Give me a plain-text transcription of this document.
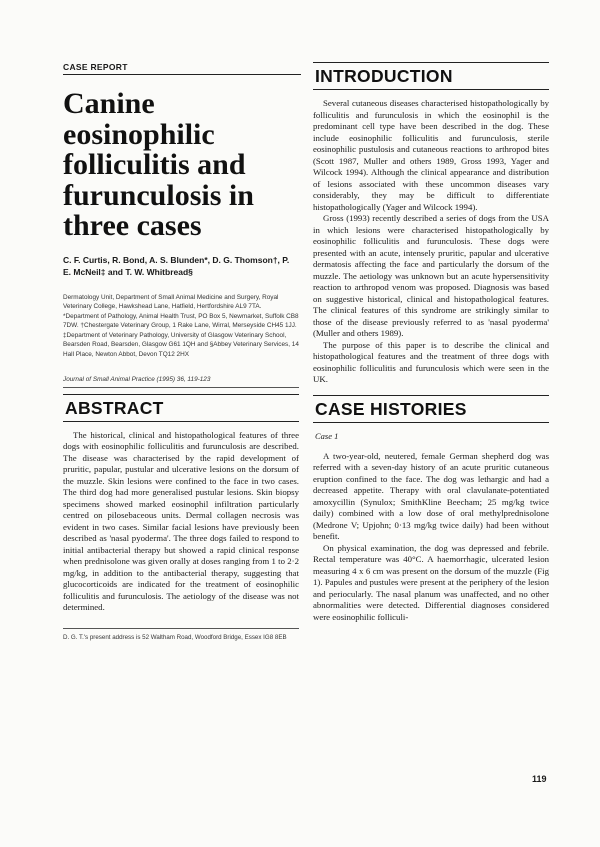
CASE REPORT
Canine eosinophilic folliculitis and furunculosis in three cases

C. F. Curtis, R. Bond, A. S. Blunden*, D. G. Thomson†, P. E. McNeil‡ and T. W. Whitbread§

Dermatology Unit, Department of Small Animal Medicine and Surgery, Royal Veterinary College, Hawkshead Lane, Hatfield, Hertfordshire AL9 7TA. *Department of Pathology, Animal Health Trust, PO Box 5, Newmarket, Suffolk CB8 7DW. †Chestergate Veterinary Group, 1 Rake Lane, Wirral, Merseyside CH45 1JJ. ‡Department of Veterinary Pathology, University of Glasgow Veterinary School, Bearsden Road, Bearsden, Glasgow G61 1QH and §Abbey Veterinary Services, 14 Hall Place, Newton Abbot, Devon TQ12 2HX

Journal of Small Animal Practice (1995) 36, 119-123
ABSTRACT

The historical, clinical and histopathological features of three dogs with eosinophilic folliculitis and furunculosis are described. The disease was characterised by the rapid development of pruritic, papular, pustular and ulcerative lesions on the dorsum of the muzzle. Skin lesions were confined to the face in two cases. The third dog had more generalised pustular lesions. Skin biopsy specimens showed marked eosinophil infiltration particularly centred on pilosebaceous units. Dermal collagen necrosis was evident in two cases. Similar facial lesions have previously been described as 'nasal pyoderma'. The three dogs failed to respond to initial antibacterial therapy but showed a rapid clinical response when prednisolone was given orally at doses ranging from 1 to 2·2 mg/kg, in addition to the antibacterial therapy, suggesting that glucocorticoids are indicated for the treatment of eosinophilic folliculitis and furunculosis. The aetiology of the disease was not determined.

D. G. T.'s present address is 52 Waltham Road, Woodford Bridge, Essex IG8 8EB
INTRODUCTION

Several cutaneous diseases characterised histopathologically by folliculitis and furunculosis in which the eosinophil is the predominant cell type have been described in the dog. These include eosinophilic folliculitis and furunculosis, sterile eosinophilic pustulosis and cutaneous reactions to arthropod bites (Scott 1987, Muller and others 1989, Gross 1993, Yager and Wilcock 1994). Although the clinical appearance and distribution of lesions associated with these uncommon diseases vary considerably, they may be difficult to differentiate histopathologically (Yager and Wilcock 1994).

Gross (1993) recently described a series of dogs from the USA in which lesions were characterised histopathologically by eosinophilic folliculitis and furunculosis. These dogs were presented with an acute, intensely pruritic, papular and ulcerative dermatosis affecting the face and particularly the dorsum of the muzzle. The aetiology was unknown but an acute hypersensitivity reaction to arthropod venom was proposed. Diagnosis was based on suggestive historical, clinical and histopathological features. The clinical features of this syndrome are strikingly similar to those of the disease previously referred to as 'nasal pyoderma' (Muller and others 1989).

The purpose of this paper is to describe the clinical and histopathological features and the treatment of three dogs with eosinophilic folliculitis and furunculosis which were seen in the UK.

CASE HISTORIES

Case 1

A two-year-old, neutered, female German shepherd dog was referred with a seven-day history of an acute pruritic cutaneous eruption confined to the face. The dog was lethargic and had a decreased appetite. Therapy with oral clavulanate-potentiated amoxycillin (Synulox; SmithKline Beecham; 25 mg/kg twice daily) combined with a low dose of oral methylprednisolone (Medrone V; Upjohn; 0·13 mg/kg twice daily) had been without benefit.

On physical examination, the dog was depressed and febrile. Rectal temperature was 40°C. A haemorrhagic, ulcerated lesion measuring 4 x 6 cm was present on the dorsum of the muzzle (Fig 1). Papules and pustules were present at the periphery of the lesion and periocularly. The nasal planum was unaffected, and no other abnormalities were detected. Differential diagnoses considered were eosinophilic folliculi-

119
